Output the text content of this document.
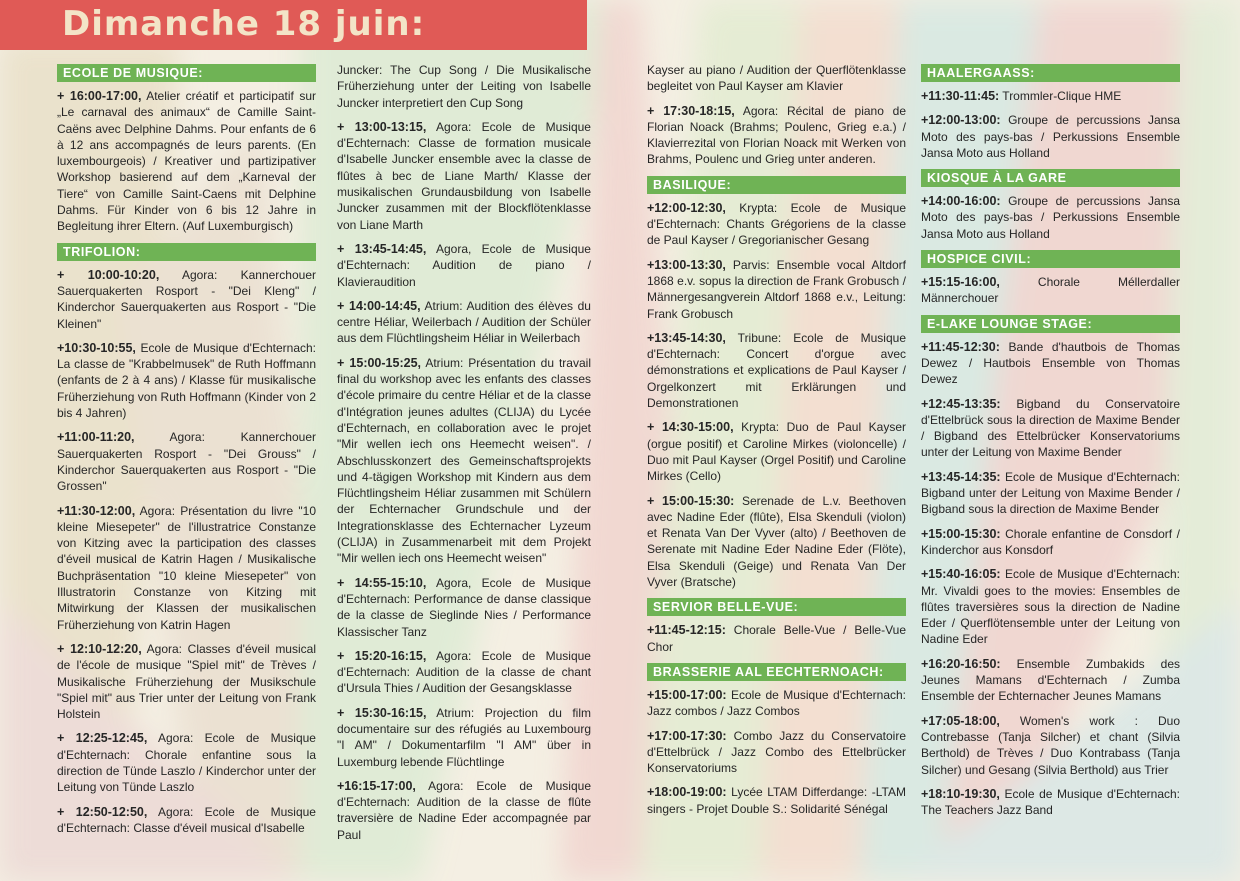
Dimanche 18 juin:
ECOLE DE MUSIQUE:

+ 16:00-17:00, Atelier créatif et participatif sur „Le carnaval des animaux“ de Camille Saint-Caëns avec Delphine Dahms. Pour enfants de 6 à 12 ans accompagnés de leurs parents. (En luxembourgeois) / Kreativer und partizipativer Workshop basierend auf dem „Karneval der Tiere“ von Camille Saint-Caens mit Delphine Dahms. Für Kinder von 6 bis 12 Jahre in Begleitung ihrer Eltern. (Auf Luxemburgisch)

TRIFOLION:

+ 10:00-10:20, Agora: Kannerchouer Sauerquakerten Rosport - "Dei Kleng" / Kinderchor Sauerquakerten aus Rosport - "Die Kleinen"

+10:30-10:55, Ecole de Musique d'Echternach: La classe de "Krabbelmusek" de Ruth Hoffmann (enfants de 2 à 4 ans) / Klasse für musikalische Früherziehung von Ruth Hoffmann (Kinder von 2 bis 4 Jahren)

+11:00-11:20, Agora: Kannerchouer Sauerquakerten Rosport - "Dei Grouss" / Kinderchor Sauerquakerten aus Rosport - "Die Grossen"

+11:30-12:00, Agora: Présentation du livre "10 kleine Miesepeter" de l'illustratrice Constanze von Kitzing avec la participation des classes d'éveil musical de Katrin Hagen / Musikalische Buchpräsentation "10 kleine Miesepeter" von Illustratorin Constanze von Kitzing mit Mitwirkung der Klassen der musikalischen Früherziehung von Katrin Hagen

+ 12:10-12:20, Agora: Classes d'éveil musical de l'école de musique "Spiel mit" de Trèves / Musikalische Früherziehung der Musikschule "Spiel mit" aus Trier unter der Leitung von Frank Holstein

+ 12:25-12:45, Agora: Ecole de Musique d'Echternach: Chorale enfantine sous la direction de Tünde Laszlo / Kinderchor unter der Leitung von Tünde Laszlo

+ 12:50-12:50, Agora: Ecole de Musique d'Echternach: Classe d'éveil musical d'Isabelle

Juncker: The Cup Song / Die Musikalische Früherziehung unter der Leiting von Isabelle Juncker interpretiert den Cup Song

+ 13:00-13:15, Agora: Ecole de Musique d'Echternach: Classe de formation musicale d'Isabelle Juncker ensemble avec la classe de flûtes à bec de Liane Marth/ Klasse der musikalischen Grundausbildung von Isabelle Juncker zusammen mit der Blockflötenklasse von Liane Marth

+ 13:45-14:45, Agora, Ecole de Musique d'Echternach: Audition de piano / Klavieraudition

+ 14:00-14:45, Atrium: Audition des élèves du centre Héliar, Weilerbach / Audition der Schüler aus dem Flüchtlingsheim Héliar in Weilerbach

+ 15:00-15:25, Atrium: Présentation du travail final du workshop avec les enfants des classes d'école primaire du centre Héliar et de la classe d'Intégration jeunes adultes (CLIJA) du Lycée d'Echternach, en collaboration avec le projet "Mir wellen iech ons Heemecht weisen". / Abschlusskonzert des Gemeinschaftsprojekts und 4-tägigen Workshop mit Kindern aus dem Flüchtlingsheim Héliar zusammen mit Schülern der Echternacher Grundschule und der Integrationsklasse des Echternacher Lyzeum (CLIJA) in Zusammenarbeit mit dem Projekt "Mir wellen iech ons Heemecht weisen"

+ 14:55-15:10, Agora, Ecole de Musique d'Echternach: Performance de danse classique de la classe de Sieglinde Nies / Performance Klassischer Tanz

+ 15:20-16:15, Agora: Ecole de Musique d'Echternach: Audition de la classe de chant d'Ursula Thies / Audition der Gesangsklasse

+ 15:30-16:15, Atrium: Projection du film documentaire sur des réfugiés au Luxembourg "I AM" / Dokumentarfilm "I AM" über in Luxemburg lebende Flüchtlinge

+16:15-17:00, Agora: Ecole de Musique d'Echternach: Audition de la classe de flûte traversière de Nadine Eder accompagnée par Paul

Kayser au piano / Audition der Querflötenklasse begleitet von Paul Kayser am Klavier

+ 17:30-18:15, Agora: Récital de piano de Florian Noack (Brahms; Poulenc, Grieg e.a.) / Klavierrezital von Florian Noack mit Werken von Brahms, Poulenc und Grieg unter anderen.

BASILIQUE:

+12:00-12:30, Krypta: Ecole de Musique d'Echternach: Chants Grégoriens de la classe de Paul Kayser / Gregorianischer Gesang

+13:00-13:30, Parvis: Ensemble vocal Altdorf 1868 e.v. sopus la direction de Frank Grobusch / Männergesangverein Altdorf 1868 e.v., Leitung: Frank Grobusch

+13:45-14:30, Tribune: Ecole de Musique d'Echternach: Concert d'orgue avec démonstrations et explications de Paul Kayser / Orgelkonzert mit Erklärungen und Demonstrationen

+ 14:30-15:00, Krypta: Duo de Paul Kayser (orgue positif) et Caroline Mirkes (violoncelle) / Duo mit Paul Kayser (Orgel Positif) und Caroline Mirkes (Cello)

+ 15:00-15:30: Serenade de L.v. Beethoven avec Nadine Eder (flûte), Elsa Skenduli (violon) et Renata Van Der Vyver (alto) / Beethoven de Serenate mit Nadine Eder Nadine Eder (Flöte), Elsa Skenduli (Geige) und Renata Van Der Vyver (Bratsche)

SERVIOR BELLE-VUE:

+11:45-12:15: Chorale Belle-Vue / Belle-Vue Chor

BRASSERIE AAL EECHTERNOACH:

+15:00-17:00: Ecole de Musique d'Echternach: Jazz combos / Jazz Combos

+17:00-17:30: Combo Jazz du Conservatoire d'Ettelbrück / Jazz Combo des Ettelbrücker Konservatoriums

+18:00-19:00: Lycée LTAM Differdange: -LTAM singers - Projet Double S.: Solidarité Sénégal

HAALERGAASS:

+11:30-11:45: Trommler-Clique HME

+12:00-13:00: Groupe de percussions Jansa Moto des pays-bas / Perkussions Ensemble Jansa Moto aus Holland

KIOSQUE À LA GARE

+14:00-16:00: Groupe de percussions Jansa Moto des pays-bas / Perkussions Ensemble Jansa Moto aus Holland

HOSPICE CIVIL:

+15:15-16:00, Chorale Méllerdaller Männerchouer

E-LAKE LOUNGE STAGE:

+11:45-12:30: Bande d'hautbois de Thomas Dewez / Hautbois Ensemble von Thomas Dewez

+12:45-13:35: Bigband du Conservatoire d'Ettelbrück sous la direction de Maxime Bender / Bigband des Ettelbrücker Konservatoriums unter der Leitung von Maxime Bender

+13:45-14:35: Ecole de Musique d'Echternach: Bigband unter der Leitung von Maxime Bender / Bigband sous la direction de Maxime Bender

+15:00-15:30: Chorale enfantine de Consdorf / Kinderchor aus Konsdorf

+15:40-16:05: Ecole de Musique d'Echternach: Mr. Vivaldi goes to the movies: Ensembles de flûtes traversières sous la direction de Nadine Eder / Querflötensemble unter der Leitung von Nadine Eder

+16:20-16:50: Ensemble Zumbakids des Jeunes Mamans d'Echternach / Zumba Ensemble der Echternacher Jeunes Mamans

+17:05-18:00, Women's work : Duo Contrebasse (Tanja Silcher) et chant (Silvia Berthold) de Trèves / Duo Kontrabass (Tanja Silcher) und Gesang (Silvia Berthold) aus Trier

+18:10-19:30, Ecole de Musique d'Echternach: The Teachers Jazz Band
